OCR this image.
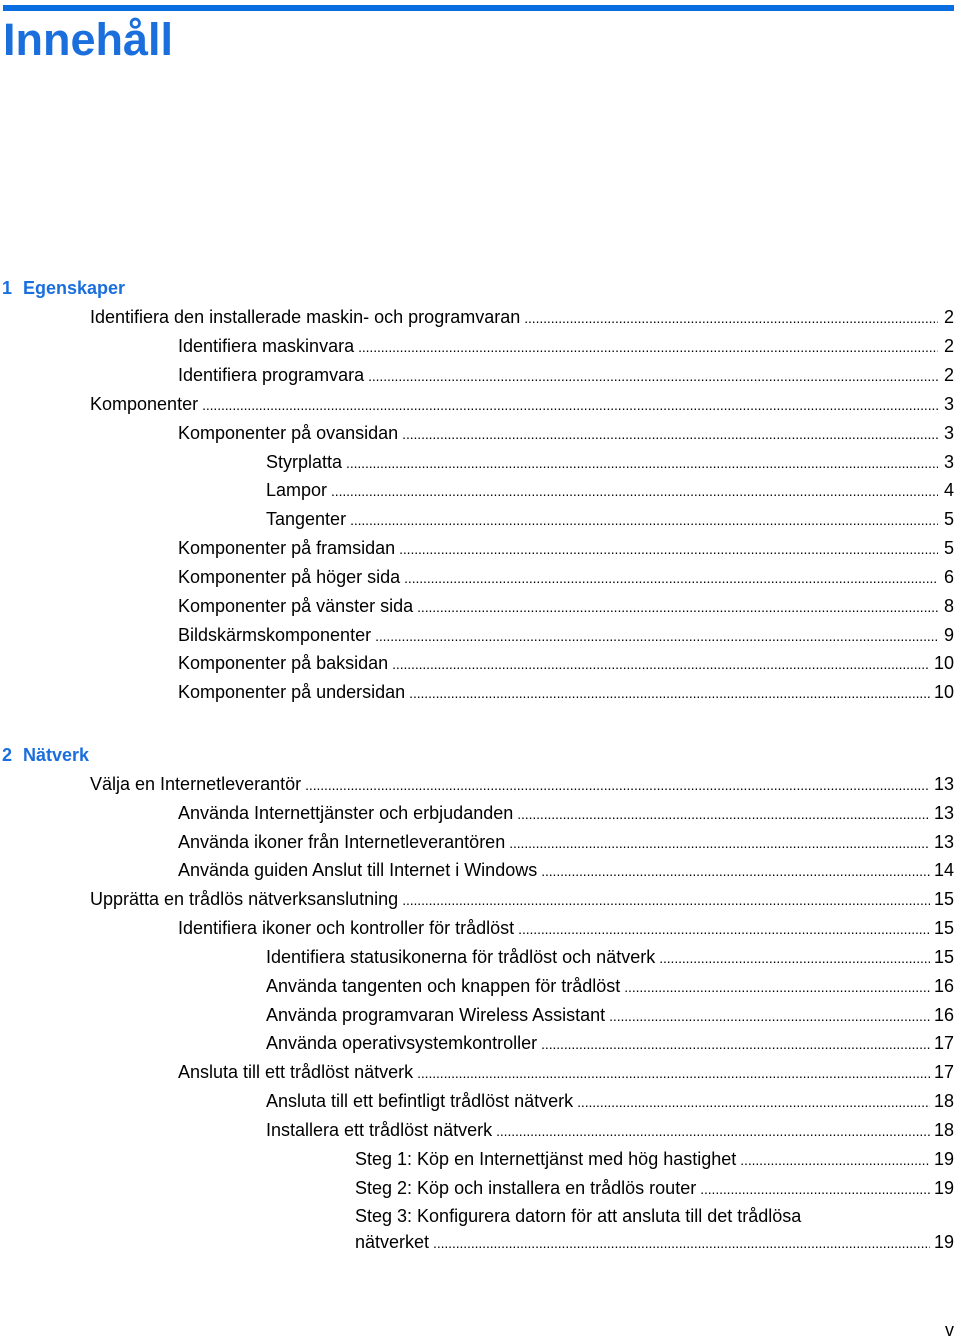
Innehåll
1 Egenskaper
Identifiera den installerade maskin- och programvaran . . .	2
Identifiera maskinvara . . .	2
Identifiera programvara . . .	2
Komponenter . . .	3
Komponenter på ovansidan . . .	3
Styrplatta . . .	3
Lampor . . .	4
Tangenter . . .	5
Komponenter på framsidan . . .	5
Komponenter på höger sida . . .	6
Komponenter på vänster sida . . .	8
Bildskärmskomponenter . . .	9
Komponenter på baksidan . . .	10
Komponenter på undersidan . . .	10
2 Nätverk
Välja en Internetleverantör . . .	13
Använda Internettjänster och erbjudanden . . .	13
Använda ikoner från Internetleverantören . . .	13
Använda guiden Anslut till Internet i Windows . . .	14
Upprätta en trådlös nätverksanslutning . . .	15
Identifiera ikoner och kontroller för trådlöst . . .	15
Identifiera statusikonerna för trådlöst och nätverk . . .	15
Använda tangenten och knappen för trådlöst . . .	16
Använda programvaran Wireless Assistant . . .	16
Använda operativsystemkontroller . . .	17
Ansluta till ett trådlöst nätverk . . .	17
Ansluta till ett befintligt trådlöst nätverk . . .	18
Installera ett trådlöst nätverk . . .	18
Steg 1: Köp en Internettjänst med hög hastighet . . .	19
Steg 2: Köp och installera en trådlös router . . .	19
Steg 3: Konfigurera datorn för att ansluta till det trådlösa
nätverket . . .	19
v
